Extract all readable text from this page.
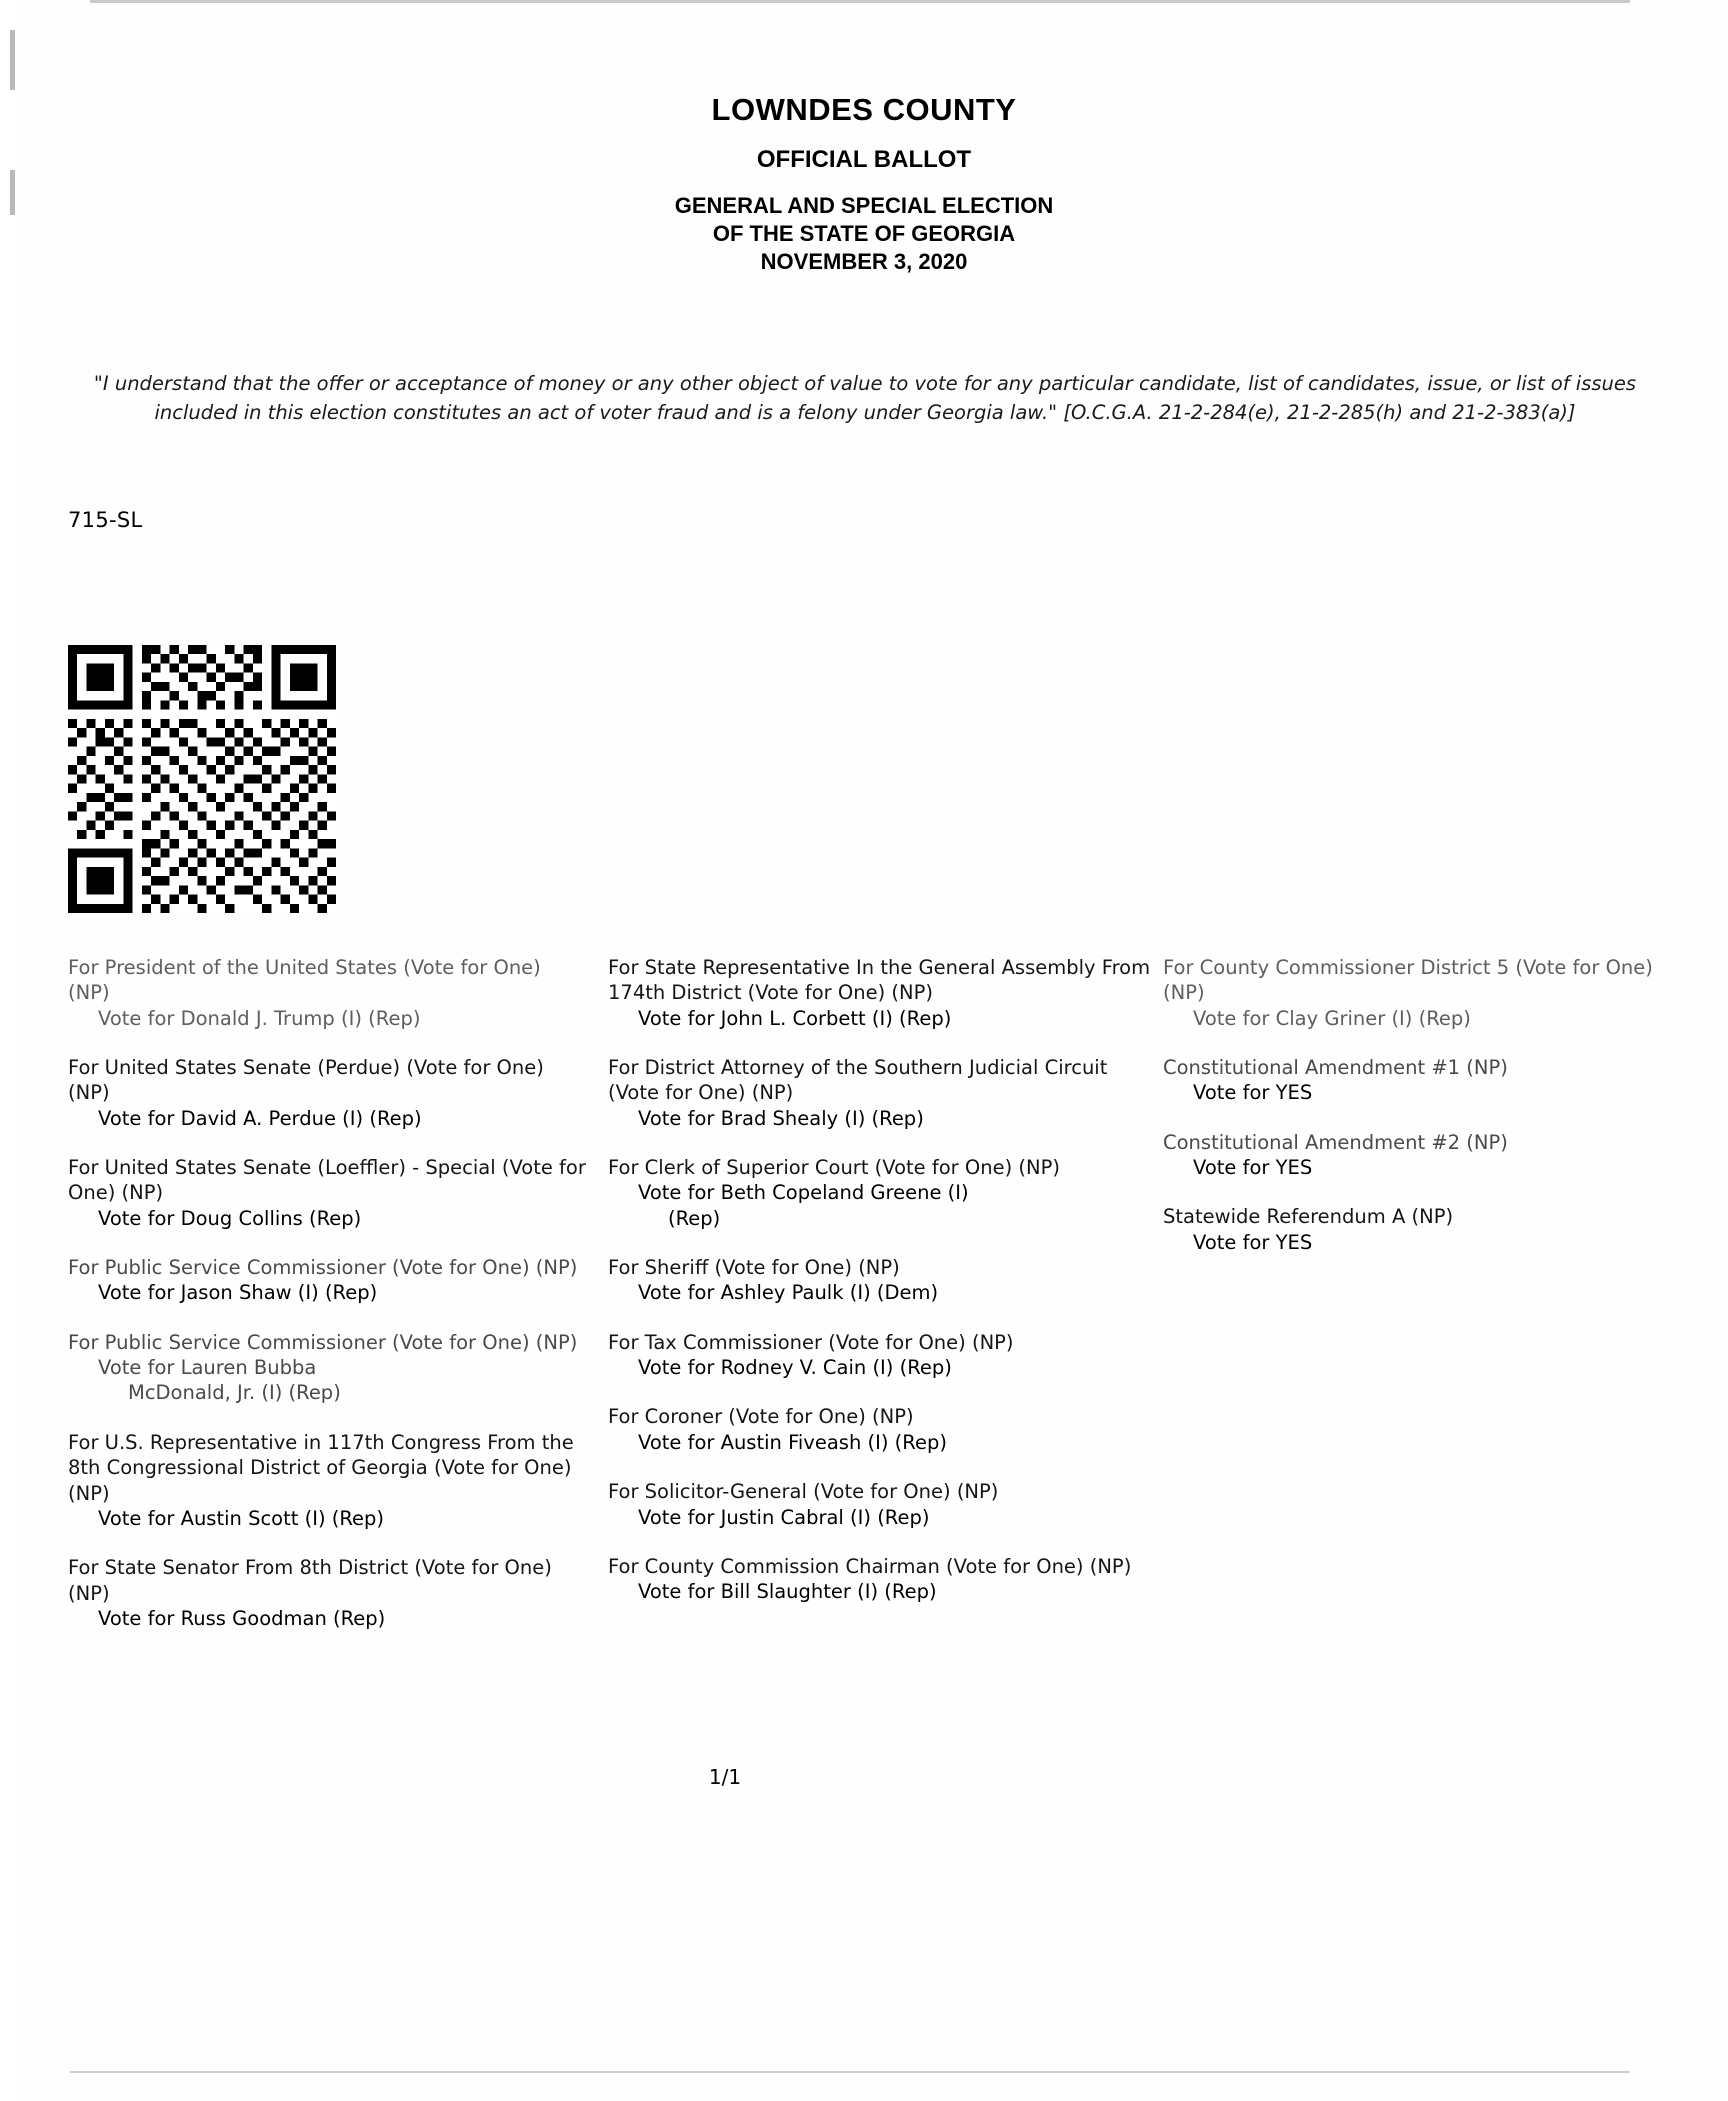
LOWNDES COUNTY
OFFICIAL BALLOT
GENERAL AND SPECIAL ELECTION
OF THE STATE OF GEORGIA
NOVEMBER 3, 2020
"I understand that the offer or acceptance of money or any other object of value to vote for any particular candidate, list of candidates, issue, or list of issues included in this election constitutes an act of voter fraud and is a felony under Georgia law." [O.C.G.A. 21-2-284(e), 21-2-285(h) and 21-2-383(a)]
715-SL
For President of the United States (Vote for One) (NP)
Vote for Donald J. Trump (I) (Rep)
For United States Senate (Perdue) (Vote for One) (NP)
Vote for David A. Perdue (I) (Rep)
For United States Senate (Loeffler) - Special (Vote for One) (NP)
Vote for Doug Collins (Rep)
For Public Service Commissioner (Vote for One) (NP)
Vote for Jason Shaw (I) (Rep)
For Public Service Commissioner (Vote for One) (NP)
Vote for Lauren Bubba
McDonald, Jr. (I) (Rep)
For U.S. Representative in 117th Congress From the 8th Congressional District of Georgia (Vote for One) (NP)
Vote for Austin Scott (I) (Rep)
For State Senator From 8th District (Vote for One) (NP)
Vote for Russ Goodman (Rep)
For State Representative In the General Assembly From 174th District (Vote for One) (NP)
Vote for John L. Corbett (I) (Rep)
For District Attorney of the Southern Judicial Circuit (Vote for One) (NP)
Vote for Brad Shealy (I) (Rep)
For Clerk of Superior Court (Vote for One) (NP)
Vote for Beth Copeland Greene (I)
(Rep)
For Sheriff (Vote for One) (NP)
Vote for Ashley Paulk (I) (Dem)
For Tax Commissioner (Vote for One) (NP)
Vote for Rodney V. Cain (I) (Rep)
For Coroner (Vote for One) (NP)
Vote for Austin Fiveash (I) (Rep)
For Solicitor-General (Vote for One) (NP)
Vote for Justin Cabral (I) (Rep)
For County Commission Chairman (Vote for One) (NP)
Vote for Bill Slaughter (I) (Rep)
For County Commissioner District 5 (Vote for One) (NP)
Vote for Clay Griner (I) (Rep)
Constitutional Amendment #1 (NP)
Vote for YES
Constitutional Amendment #2 (NP)
Vote for YES
Statewide Referendum A (NP)
Vote for YES
1/1
